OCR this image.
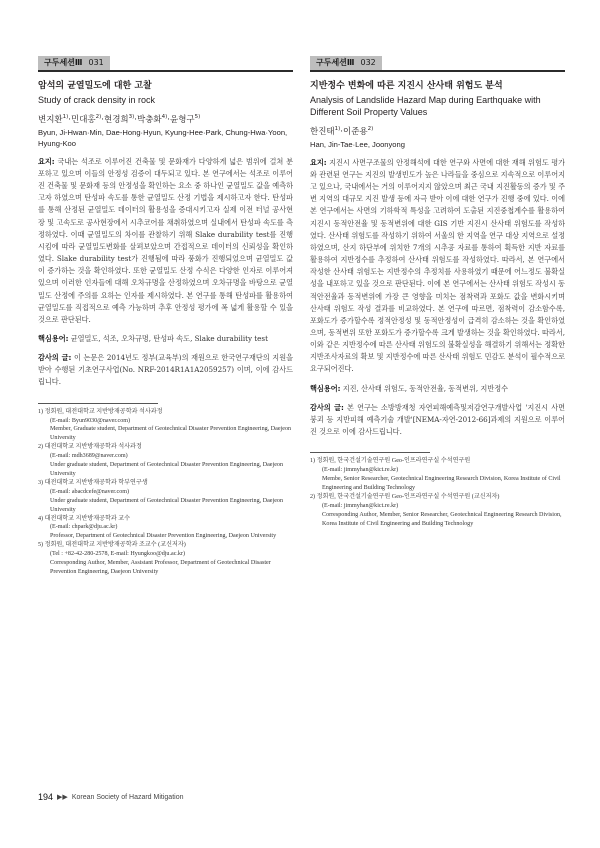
구두세션Ⅲ 031
암석의 균열밀도에 대한 고찰
Study of crack density in rock
변지환$^{1)}$·민대홍$^{2)}$·현경희$^{3)}$·박충화$^{4)}$·윤형구$^{5)}$
Byun, Ji-Hwan·Min, Dae-Hong·Hyun, Kyung-Hee·Park, Chung-Hwa·Yoon, Hyung-Koo

요지: 국내는 석조로 이루어진 건축물 및 문화재가 다양하게 넓은 범위에 걸쳐 분포하고 있으며 이들의 안정성 검증이 대두되고 있다. 본 연구에서는 석조로 이루어진 건축물 및 문화재 등의 안정성을 확인하는 요소 중 하나인 균열밀도 값을 예측하고자 하였으며 탄성파 속도를 통한 균열밀도 산정 기법을 제시하고자 한다. 탄성파를 통해 산정된 균열밀도 데이터의 활용성을 증대시키고자 실제 이전 터널 공사현장 및 고속도로 공사현장에서 시추코어를 채취하였으며 실내에서 탄성파 속도를 측정하였다. 이때 균열밀도의 차이를 관찰하기 위해 Slake durability test를 진행시킴에 따라 균열밀도변화를 살펴보았으며 간접적으로 데이터의 신뢰성을 확인하였다. Slake durability test가 진행됨에 따라 풍화가 진행되었으며 균열밀도 값이 증가하는 것을 확인하였다. 또한 균열밀도 산정 수식은 다양한 인자로 이루어져 있으며 이러한 인자들에 대해 오차규명을 산정하였으며 오차규명을 바탕으로 균열밀도 산정에 주의를 요하는 인자를 제시하였다. 본 연구를 통해 탄성파를 활용하여 균열밀도를 직접적으로 예측 가능하며 추후 안정성 평가에 폭 넓게 활용할 수 있을 것으로 판단된다.

핵심용어: 균열밀도, 석조, 오차규명, 탄성파 속도, Slake durability test

감사의 글: 이 논문은 2014년도 정부(교육부)의 재원으로 한국연구재단의 지원을 받아 수행된 기초연구사업(No. NRF-2014R1A1A2059257) 이며, 이에 감사드립니다.

1) 정회원, 대전대학교 지반방재공학과 석사과정
(E-mail: Byun9030@naver.com)
Member, Graduate student, Department of Geotechnical Disaster Prevention Engineering, Daejeon University
2) 대전대학교 지반방재공학과 석사과정
(E-mail: mdh3689@naver.com)
Under graduate student, Department of Geotechnical Disaster Prevention Engineering, Daejeon University
3) 대전대학교 지반방재공학과 학부연구생
(E-mail: abacdcefe@naver.com)
Under graduate student, Department of Geotechnical Disaster Prevention Engineering, Daejeon University
4) 대전대학교 지반방재공학과 교수
(E-mail: chpark@dju.ac.kr)
Professor, Department of Geotechnical Disaster Prevention Engineering, Daejeon University
5) 정회원, 대전대학교 지반방재공학과 조교수 (교신저자)
(Tel : +82-42-280-2578, E-mail: Hyungkoo@dju.ac.kr)
Corresponding Author, Member, Assistant Professor, Department of Geotechnical Disaster Prevention Engineering, Daejeon University
구두세션Ⅲ 032
지반정수 변화에 따른 지진시 산사태 위험도 분석
Analysis of Landslide Hazard Map during Earthquake with Different Soil Property Values
한진태$^{1)}$·이준용$^{2)}$
Han, Jin-Tae·Lee, Joonyong

요지: 지진시 사면구조물의 안정해석에 대한 연구와 사면에 대한 재해 위험도 평가와 관련된 연구는 지진의 발생빈도가 높은 나라들을 중심으로 지속적으로 이루어지고 있으나, 국내에서는 거의 이루어지지 않았으며 최근 국내 지진활동의 증가 및 주변 지역의 대규모 지진 발생 등에 자극 받아 이에 대한 연구가 진행 중에 있다. 이에 본 연구에서는 사면의 기하학적 특성을 고려하여 도출된 지진중첩계수를 활용하여 지진시 동적안전율 및 동적변위에 대한 GIS 기반 지진시 산사태 위험도를 작성하였다. 산사태 위험도를 작성하기 위하여 서울의 한 지역을 연구 대상 지역으로 설정하였으며, 산지 하단부에 위치한 7개의 시추공 자료를 통하여 획득한 지반 자료를 활용하여 지반정수를 추정하여 산사태 위험도를 작성하였다. 따라서, 본 연구에서 작성한 산사태 위험도는 지반정수의 추정치를 사용하였기 때문에 어느정도 불확실성을 내포하고 있을 것으로 판단된다. 이에 본 연구에서는 산사태 위험도 작성시 동적안전율과 동적변위에 가장 큰 영향을 미치는 점착력과 포화도 값을 변화시키며 산사태 위험도 작성 결과를 비교하였다. 본 연구에 따르면, 점착력이 감소함수록, 포화도가 증가할수록 정적안정성 및 동적안정성이 급격히 감소하는 것을 확인하였으며, 동적변위 또한 포화도가 증가할수록 크게 발생하는 것을 확인하였다. 따라서, 이와 같은 지반정수에 따른 산사태 위험도의 불확실성을 해결하기 위해서는 정확한 지반조사자료의 확보 및 지반정수에 따른 산사태 위험도 민감도 분석이 필수적으로 요구되어진다.

핵심용어: 지진, 산사태 위험도, 동적안전율, 동적변위, 지반정수

감사의 글: 본 연구는 소방방재청 자연피해예측및저감연구개발사업 '지진시 사면붕괴 등 지반피해 예측기술 개발'[NEMA-자연-2012-66]과제의 지원으로 이루어진 것으로 이에 감사드립니다.

1) 정회원, 한국건설기술연구원 Geo-인프라연구실 수석연구원
(E-mail: jimmyhan@kict.re.kr)
Membe, Senior Researcher, Geotechnical Engineering Research Division, Korea Institute of Civil Engineering and Building Technology
2) 정회원, 한국건설기술연구원 Geo-인프라연구실 수석연구원 (교신저자)
(E-mail: jimmyhan@kict.re.kr)
Corresponding Author, Member, Senior Researcher, Geotechnical Engineering Research Division, Korea Institute of Civil Engineering and Building Technology
194 ▶▶ Korean Society of Hazard Mitigation
